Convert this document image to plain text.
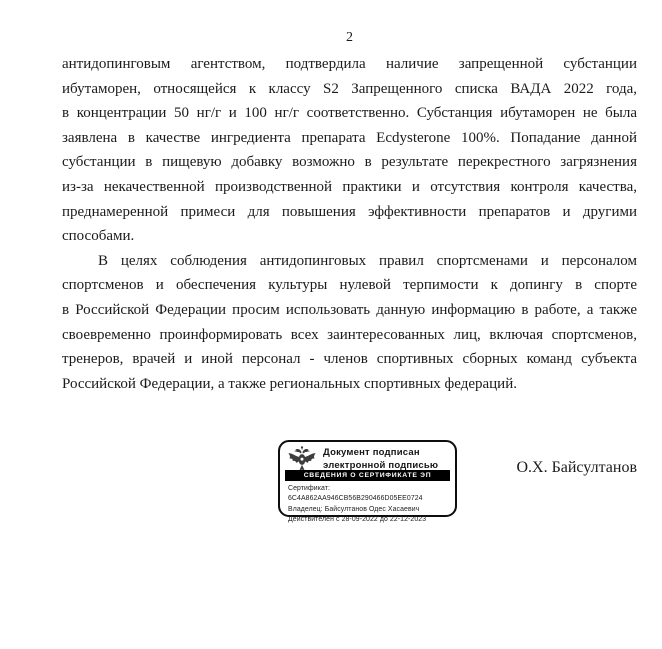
2
антидопинговым агентством, подтвердила наличие запрещенной субстанции
ибутаморен, относящейся к классу S2 Запрещенного списка ВАДА 2022 года,
в концентрации 50 нг/г и 100 нг/г соответственно. Субстанция ибутаморен не была
заявлена в качестве ингредиента препарата Ecdysterone 100%. Попадание данной
субстанции в пищевую добавку возможно в результате перекрестного загрязнения
из-за некачественной производственной практики и отсутствия контроля качества,
преднамеренной примеси для повышения эффективности препаратов и другими
способами.
В целях соблюдения антидопинговых правил спортсменами и персоналом
спортсменов и обеспечения культуры нулевой терпимости к допингу в спорте
в Российской Федерации просим использовать данную информацию в работе, а также
своевременно проинформировать всех заинтересованных лиц, включая спортсменов,
тренеров, врачей и иной персонал - членов спортивных сборных команд субъекта
Российской Федерации, а также региональных спортивных федераций.
Документ подписан
электронной подписью
СВЕДЕНИЯ О СЕРТИФИКАТЕ ЭП
Сертификат: 6C4A862AA946CB56B290466D05EE0724
Владелец: Байсултанов Одес Хасаевич
Действителен с 28-09-2022 до 22-12-2023
О.Х. Байсултанов
